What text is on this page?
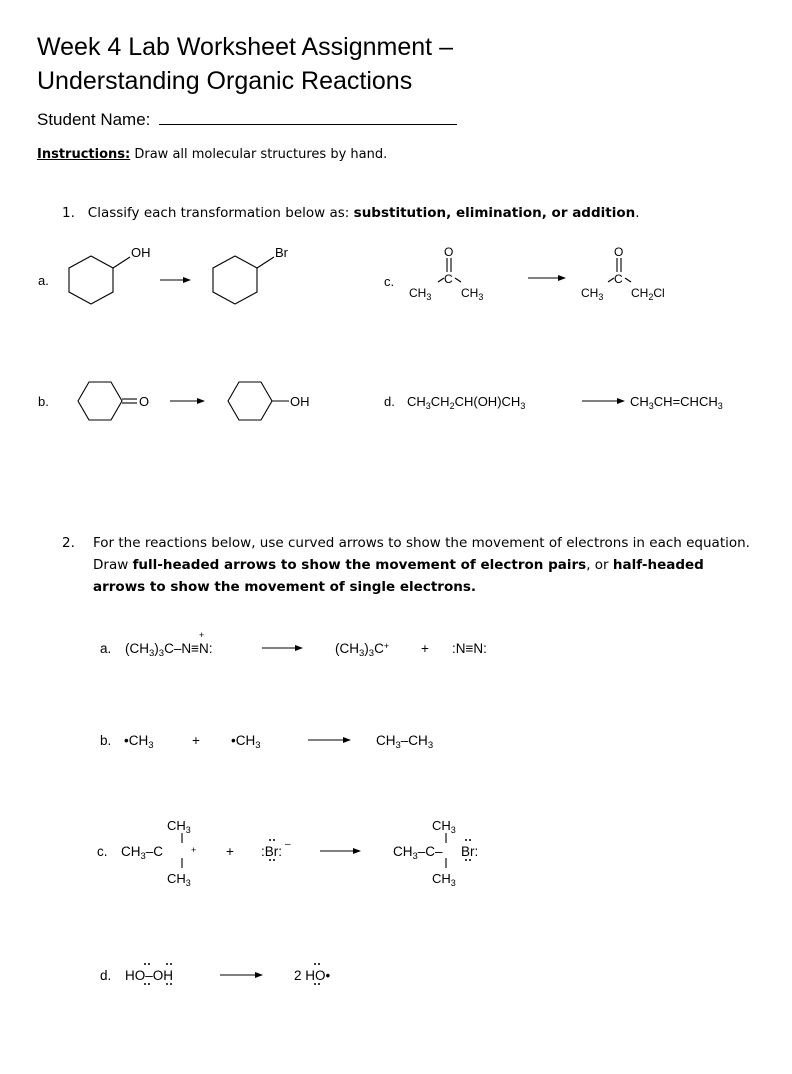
Week 4 Lab Worksheet Assignment –
Understanding Organic Reactions
Student Name:
Instructions: Draw all molecular structures by hand.
1. Classify each transformation below as: substitution, elimination, or addition.
a.
OH	Br
c.
O
C
$CH_3$ $CH_3$
O
C
$CH_3$ $CH_2Cl$
b.	O	OH	d. $CH_3CH_2CH(OH)CH_3$	$CH_3CH=CHCH_3$
a. $(CH_3)_3C-N\equiv N$:
+
$(CH_3)_3C^+$ + :N≡N:
b. $•CH_3$	+ $•CH_3$	$CH_3-CH_3$
c.
$CH_3$
$CH_3-C$	+
$CH_3$
+ :Br: –
$CH_3$
$CH_3-C-$ Br:
$CH_3$
d. HO–OH	2 HO•
2. For the reactions below, use curved arrows to show the movement of electrons in each equation. Draw full-headed arrows to show the movement of electron pairs, or half-headed arrows to show the movement of single electrons.
